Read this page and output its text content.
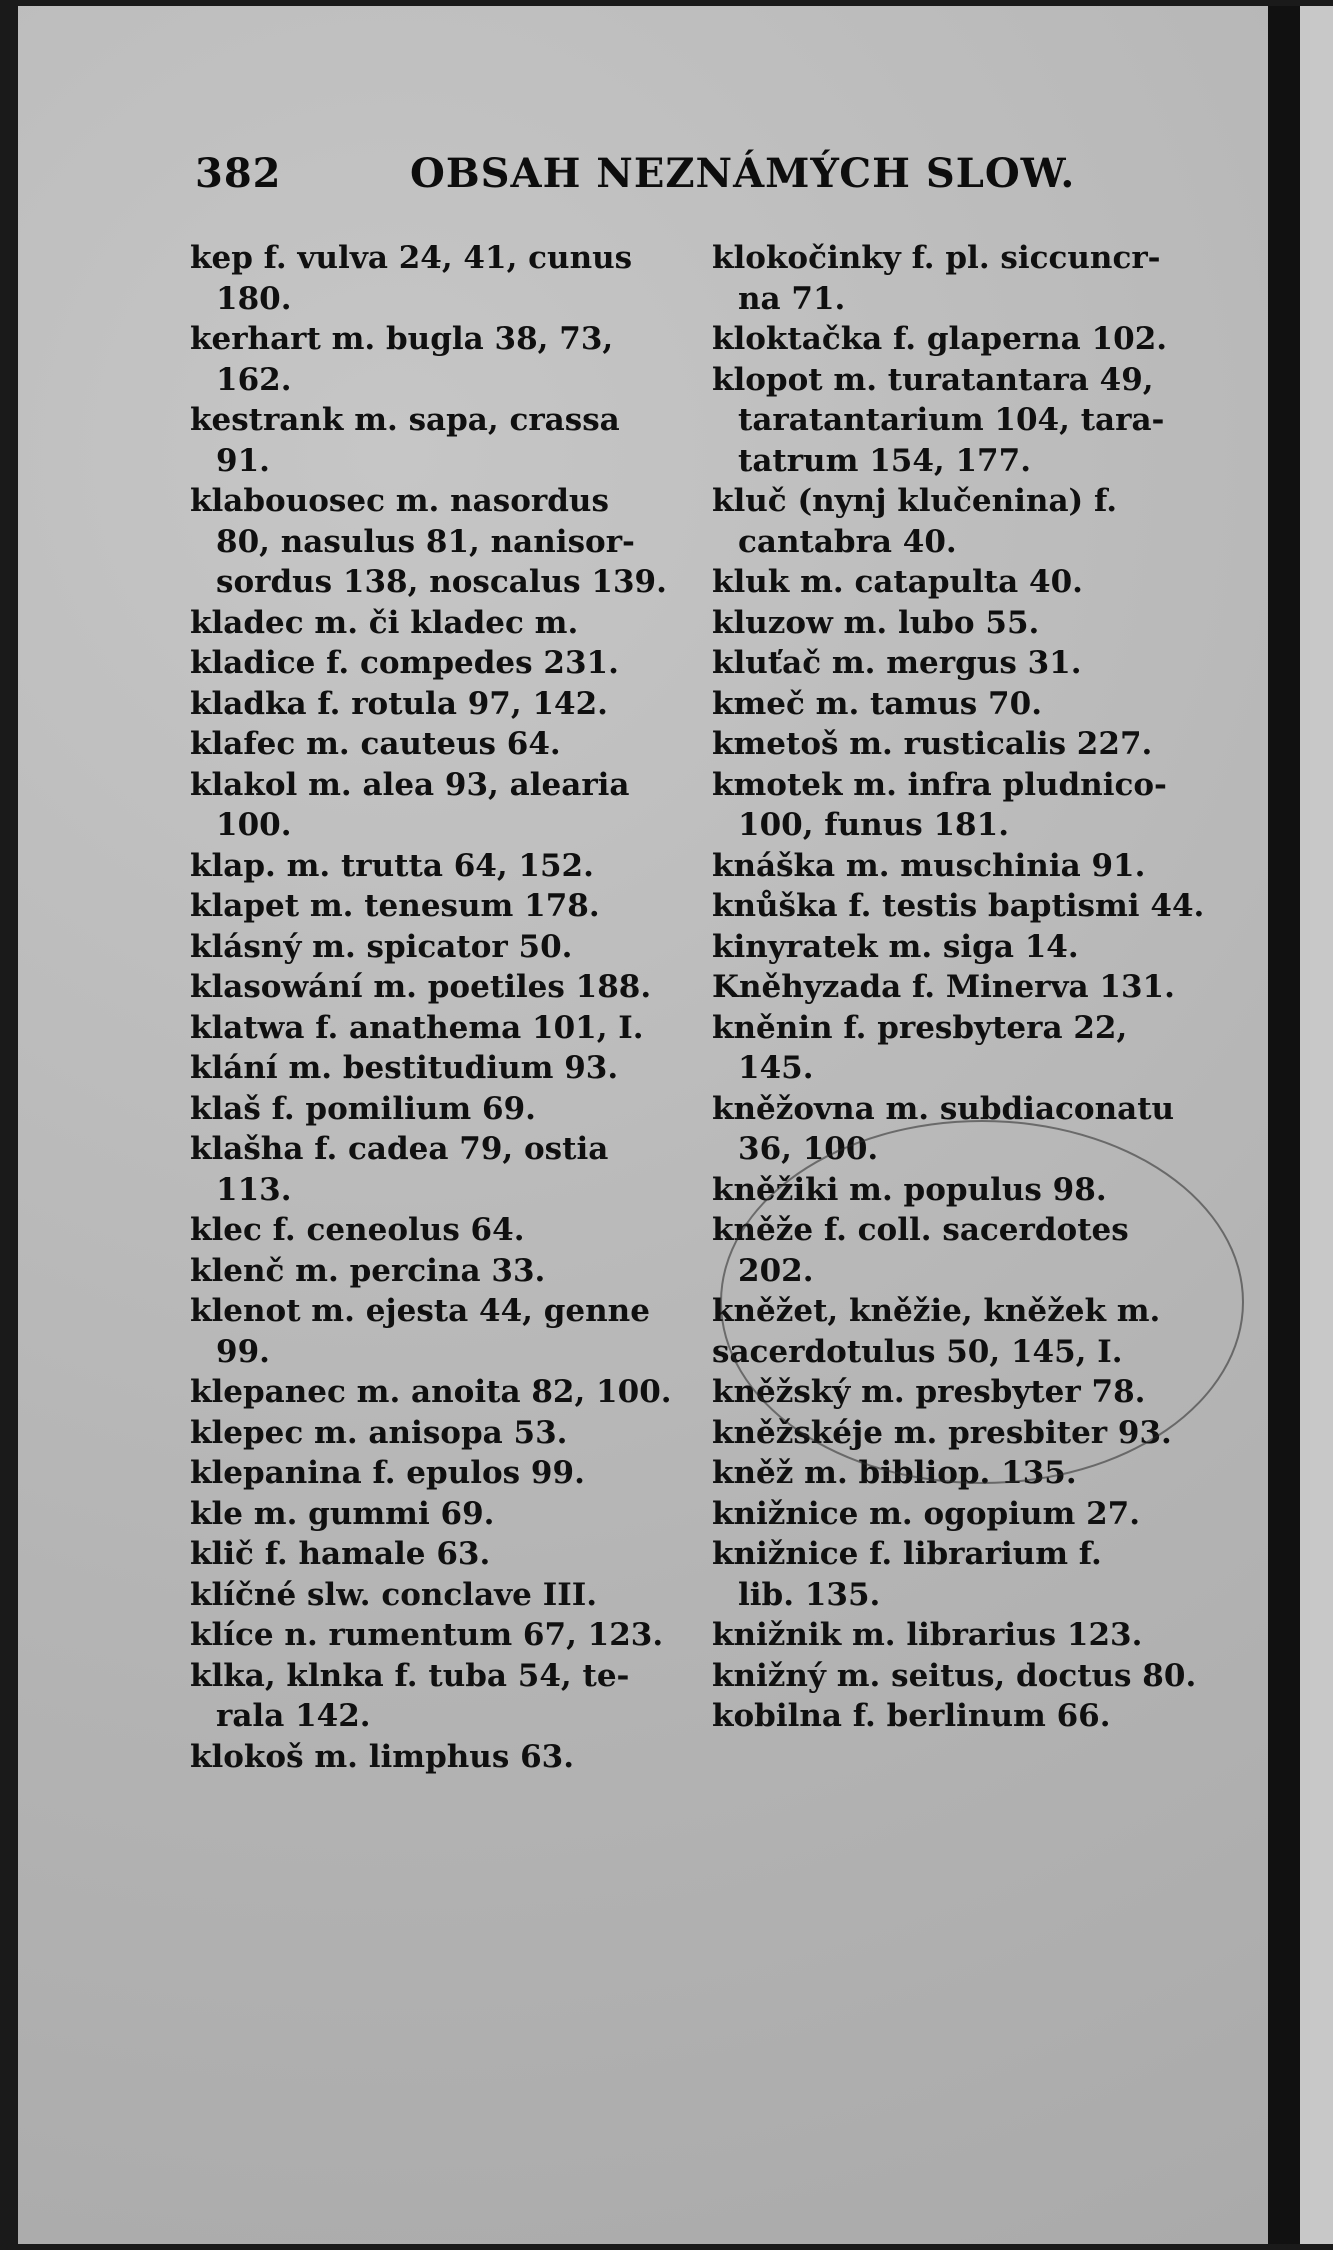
382	OBSAH NEZNÁMÝCH SLOW.
kep f. vulva 24, 41, cunus
180.
kerhart m. bugla 38, 73,
162.
kestrank m. sapa, crassa
91.
klabouosec m. nasordus
80, nasulus 81, nanisor-
sordus 138, noscalus 139.
kladec m. či kladec m.
kladice f. compedes 231.
kladka f. rotula 97, 142.
klafec m. cauteus 64.
klakol m. alea 93, alearia
100.
klap. m. trutta 64, 152.
klapet m. tenesum 178.
klásný m. spicator 50.
klasowání m. poetiles 188.
klatwa f. anathema 101, I.
klání m. bestitudium 93.
klaš f. pomilium 69.
klašha f. cadea 79, ostia
113.
klec f. ceneolus 64.
klenč m. percina 33.
klenot m. ejesta 44, genne
99.
klepanec m. anoita 82, 100.
klepec m. anisopa 53.
klepanina f. epulos 99.
kle m. gummi 69.
klič f. hamale 63.
klíčné slw. conclave III.
klíce n. rumentum 67, 123.
klka, klnka f. tuba 54, te-
rala 142.
klokoš m. limphus 63.
klokočinky f. pl. siccuncr-
na 71.
kloktačka f. glaperna 102.
klopot m. turatantara 49,
taratantarium 104, tara-
tatrum 154, 177.
kluč (nynj klučenina) f.
cantabra 40.
kluk m. catapulta 40.
kluzow m. lubo 55.
kluťač m. mergus 31.
kmeč m. tamus 70.
kmetoš m. rusticalis 227.
kmotek m. infra pludnico-
100, funus 181.
knáška m. muschinia 91.
knůška f. testis baptismi 44.
kinyratek m. siga 14.
Kněhyzada f. Minerva 131.
kněnin f. presbytera 22,
145.
kněžovna m. subdiaconatu
36, 100.
kněžiki m. populus 98.
kněže f. coll. sacerdotes
202.
kněžet, kněžie, kněžek m.
sacerdotulus 50, 145, I.
kněžský m. presbyter 78.
kněžskéje m. presbiter 93.
kněž m. bibliop. 135.
knižnice m. ogopium 27.
knižnice f. librarium f.
lib. 135.
knižnik m. librarius 123.
knižný m. seitus, doctus 80.
kobilna f. berlinum 66.
